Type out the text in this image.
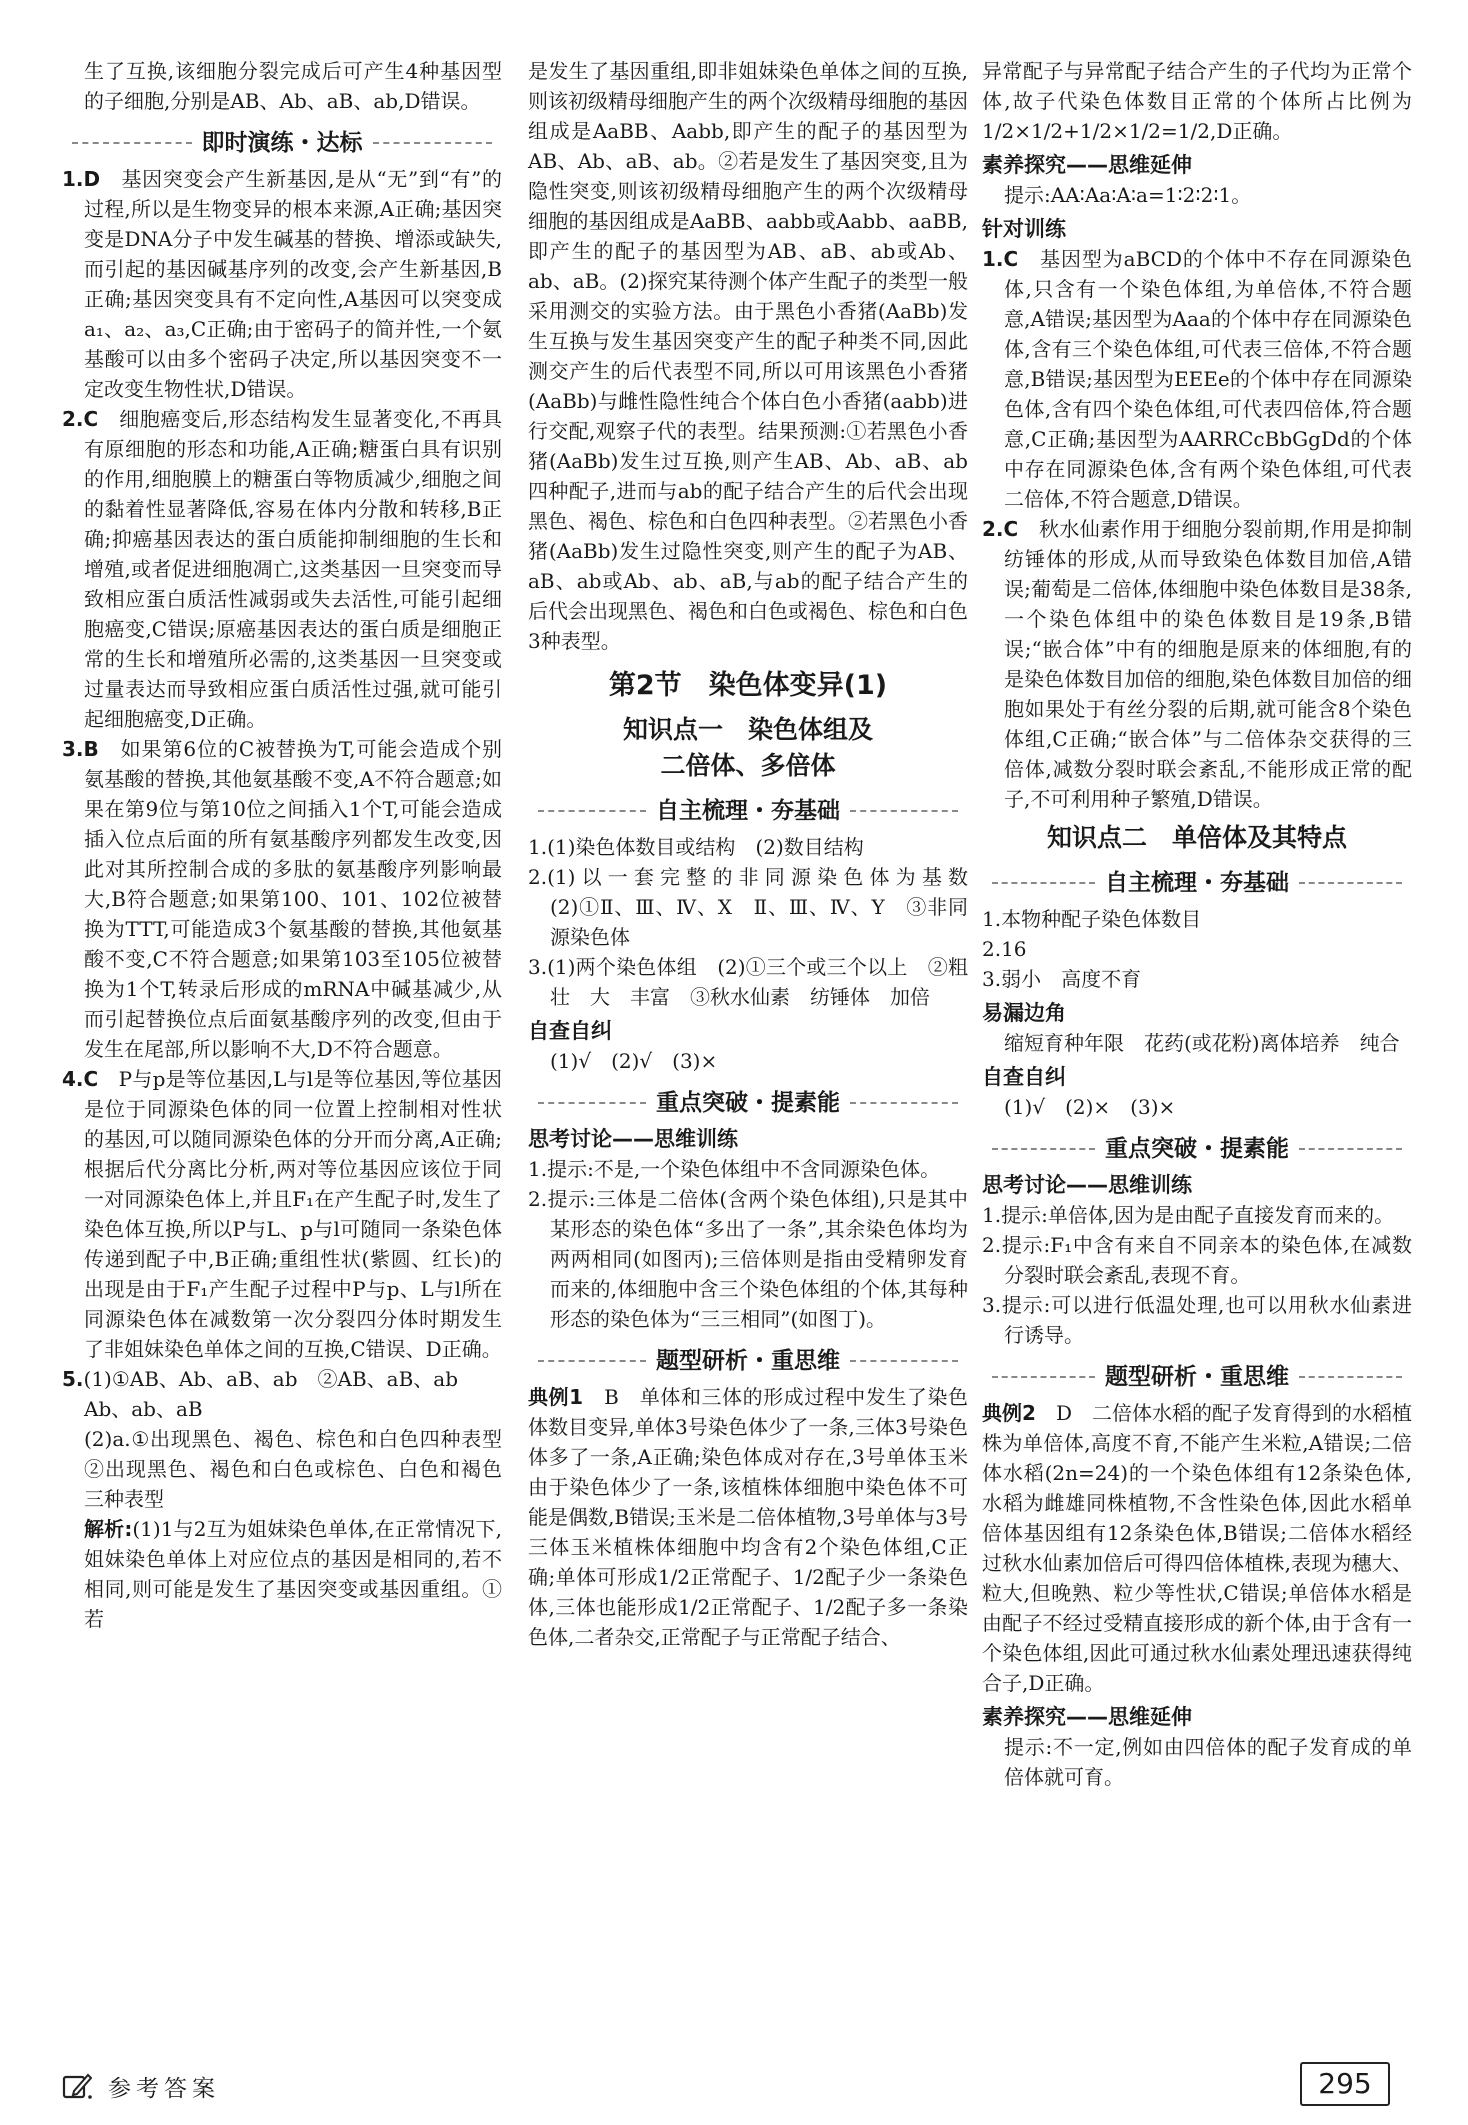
生了互换,该细胞分裂完成后可产生4种基因型的子细胞,分别是AB、Ab、aB、ab,D错误。

即时演练・达标

1.D　 基因突变会产生新基因,是从“无”到“有”的过程,所以是生物变异的根本来源,A正确;基因突变是DNA分子中发生碱基的替换、增添或缺失,而引起的基因碱基序列的改变,会产生新基因,B正确;基因突变具有不定向性,A基因可以突变成a₁、a₂、a₃,C正确;由于密码子的简并性,一个氨基酸可以由多个密码子决定,所以基因突变不一定改变生物性状,D错误。

2.C　 细胞癌变后,形态结构发生显著变化,不再具有原细胞的形态和功能,A正确;糖蛋白具有识别的作用,细胞膜上的糖蛋白等物质减少,细胞之间的黏着性显著降低,容易在体内分散和转移,B正确;抑癌基因表达的蛋白质能抑制细胞的生长和增殖,或者促进细胞凋亡,这类基因一旦突变而导致相应蛋白质活性减弱或失去活性,可能引起细胞癌变,C错误;原癌基因表达的蛋白质是细胞正常的生长和增殖所必需的,这类基因一旦突变或过量表达而导致相应蛋白质活性过强,就可能引起细胞癌变,D正确。

3.B　 如果第6位的C被替换为T,可能会造成个别氨基酸的替换,其他氨基酸不变,A不符合题意;如果在第9位与第10位之间插入1个T,可能会造成插入位点后面的所有氨基酸序列都发生改变,因此对其所控制合成的多肽的氨基酸序列影响最大,B符合题意;如果第100、101、102位被替换为TTT,可能造成3个氨基酸的替换,其他氨基酸不变,C不符合题意;如果第103至105位被替换为1个T,转录后形成的mRNA中碱基减少,从而引起替换位点后面氨基酸序列的改变,但由于发生在尾部,所以影响不大,D不符合题意。

4.C　 P与p是等位基因,L与l是等位基因,等位基因是位于同源染色体的同一位置上控制相对性状的基因,可以随同源染色体的分开而分离,A正确;根据后代分离比分析,两对等位基因应该位于同一对同源染色体上,并且F₁在产生配子时,发生了染色体互换,所以P与L、p与l可随同一条染色体传递到配子中,B正确;重组性状(紫圆、红长)的出现是由于F₁产生配子过程中P与p、L与l所在同源染色体在减数第一次分裂四分体时期发生了非姐妹染色单体之间的互换,C错误、D正确。

5.(1)①AB、Ab、aB、ab　②AB、aB、ab

Ab、ab、aB

(2)a.①出现黑色、褐色、棕色和白色四种表型　②出现黑色、褐色和白色或棕色、白色和褐色三种表型

解析:(1)1与2互为姐妹染色单体,在正常情况下,姐妹染色单体上对应位点的基因是相同的,若不相同,则可能是发生了基因突变或基因重组。①若

是发生了基因重组,即非姐妹染色单体之间的互换,则该初级精母细胞产生的两个次级精母细胞的基因组成是AaBB、Aabb,即产生的配子的基因型为AB、Ab、aB、ab。②若是发生了基因突变,且为隐性突变,则该初级精母细胞产生的两个次级精母细胞的基因组成是AaBB、aabb或Aabb、aaBB,即产生的配子的基因型为AB、aB、ab或Ab、ab、aB。(2)探究某待测个体产生配子的类型一般采用测交的实验方法。由于黑色小香猪(AaBb)发生互换与发生基因突变产生的配子种类不同,因此测交产生的后代表型不同,所以可用该黑色小香猪(AaBb)与雌性隐性纯合个体白色小香猪(aabb)进行交配,观察子代的表型。结果预测:①若黑色小香猪(AaBb)发生过互换,则产生AB、Ab、aB、ab四种配子,进而与ab的配子结合产生的后代会出现黑色、褐色、棕色和白色四种表型。②若黑色小香猪(AaBb)发生过隐性突变,则产生的配子为AB、aB、ab或Ab、ab、aB,与ab的配子结合产生的后代会出现黑色、褐色和白色或褐色、棕色和白色3种表型。

第2节　染色体变异(1)
知识点一　染色体组及
二倍体、多倍体
自主梳理・夯基础

1.(1)染色体数目或结构　(2)数目结构

2.(1)以一套完整的非同源染色体为基数　(2)①Ⅱ、Ⅲ、Ⅳ、X　Ⅱ、Ⅲ、Ⅳ、Y　③非同源染色体

3.(1)两个染色体组　(2)①三个或三个以上　②粗壮　大　丰富　③秋水仙素　纺锤体　加倍

自查自纠

(1)√　(2)√　(3)×

重点突破・提素能
思考讨论——思维训练

1.提示:不是,一个染色体组中不含同源染色体。

2.提示:三体是二倍体(含两个染色体组),只是其中某形态的染色体“多出了一条”,其余染色体均为两两相同(如图丙);三倍体则是指由受精卵发育而来的,体细胞中含三个染色体组的个体,其每种形态的染色体为“三三相同”(如图丁)。

题型研析・重思维

典例1　 B　单体和三体的形成过程中发生了染色体数目变异,单体3号染色体少了一条,三体3号染色体多了一条,A正确;染色体成对存在,3号单体玉米由于染色体少了一条,该植株体细胞中染色体不可能是偶数,B错误;玉米是二倍体植物,3号单体与3号三体玉米植株体细胞中均含有2个染色体组,C正确;单体可形成1/2正常配子、1/2配子少一条染色体,三体也能形成1/2正常配子、1/2配子多一条染色体,二者杂交,正常配子与正常配子结合、

异常配子与异常配子结合产生的子代均为正常个体,故子代染色体数目正常的个体所占比例为1/2×1/2+1/2×1/2=1/2,D正确。

素养探究——思维延伸

提示:AA∶Aa∶A∶a=1∶2∶2∶1。

针对训练

1.C　 基因型为aBCD的个体中不存在同源染色体,只含有一个染色体组,为单倍体,不符合题意,A错误;基因型为Aaa的个体中存在同源染色体,含有三个染色体组,可代表三倍体,不符合题意,B错误;基因型为EEEe的个体中存在同源染色体,含有四个染色体组,可代表四倍体,符合题意,C正确;基因型为AARRCcBbGgDd的个体中存在同源染色体,含有两个染色体组,可代表二倍体,不符合题意,D错误。

2.C　 秋水仙素作用于细胞分裂前期,作用是抑制纺锤体的形成,从而导致染色体数目加倍,A错误;葡萄是二倍体,体细胞中染色体数目是38条,一个染色体组中的染色体数目是19条,B错误;“嵌合体”中有的细胞是原来的体细胞,有的是染色体数目加倍的细胞,染色体数目加倍的细胞如果处于有丝分裂的后期,就可能含8个染色体组,C正确;“嵌合体”与二倍体杂交获得的三倍体,减数分裂时联会紊乱,不能形成正常的配子,不可利用种子繁殖,D错误。

知识点二　单倍体及其特点
自主梳理・夯基础

1.本物种配子染色体数目

2.16

3.弱小　高度不育

易漏边角

缩短育种年限　花药(或花粉)离体培养　纯合

自查自纠

(1)√　(2)×　(3)×

重点突破・提素能
思考讨论——思维训练

1.提示:单倍体,因为是由配子直接发育而来的。

2.提示:F₁中含有来自不同亲本的染色体,在减数分裂时联会紊乱,表现不育。

3.提示:可以进行低温处理,也可以用秋水仙素进行诱导。

题型研析・重思维

典例2　 D　二倍体水稻的配子发育得到的水稻植株为单倍体,高度不育,不能产生米粒,A错误;二倍体水稻(2n=24)的一个染色体组有12条染色体,水稻为雌雄同株植物,不含性染色体,因此水稻单倍体基因组有12条染色体,B错误;二倍体水稻经过秋水仙素加倍后可得四倍体植株,表现为穗大、粒大,但晚熟、粒少等性状,C错误;单倍体水稻是由配子不经过受精直接形成的新个体,由于含有一个染色体组,因此可通过秋水仙素处理迅速获得纯合子,D正确。

素养探究——思维延伸

提示:不一定,例如由四倍体的配子发育成的单倍体就可育。

参考答案	295
